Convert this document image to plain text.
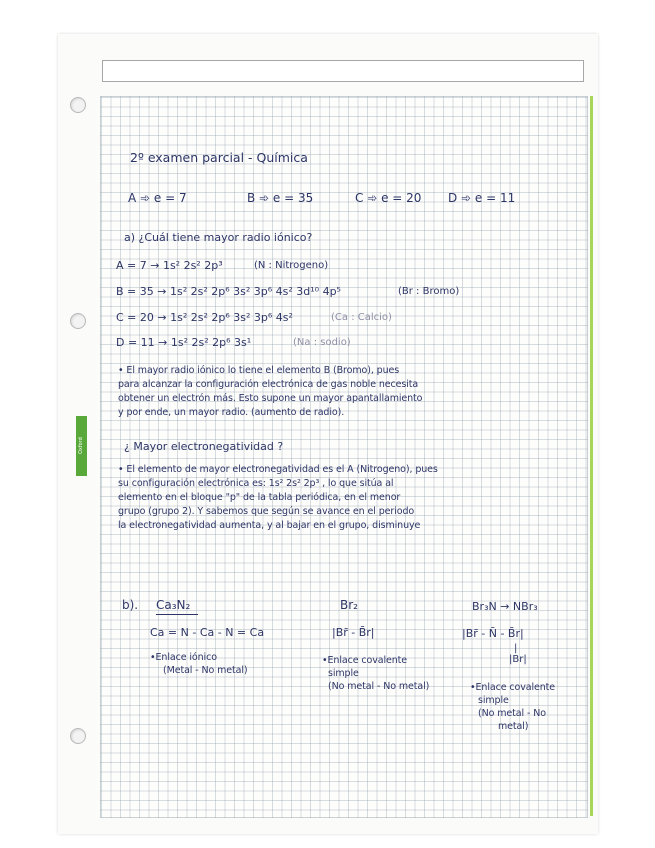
Oxford
2º examen parcial - Química
A ➾ e = 7	B ➾ e = 35	C ➾ e = 20 D ➾ e = 11
a) ¿Cuál tiene mayor radio iónico?
A = 7 → 1s² 2s² 2p³	(N : Nitrogeno)
B = 35 → 1s² 2s² 2p⁶ 3s² 3p⁶ 4s² 3d¹⁰ 4p⁵	(Br : Bromo)
C = 20 → 1s² 2s² 2p⁶ 3s² 3p⁶ 4s²	(Ca : Calcio)
D = 11 → 1s² 2s² 2p⁶ 3s¹	(Na : sodio)
• El mayor radio iónico lo tiene el elemento B (Bromo), pues
para alcanzar la configuración electrónica de gas noble necesita
obtener un electrón más. Esto supone un mayor apantallamiento
y por ende, un mayor radio. (aumento de radio).
¿ Mayor electronegatividad ?
• El elemento de mayor electronegatividad es el A (Nitrogeno), pues
su configuración electrónica es: 1s² 2s² 2p³ , lo que sitúa al
elemento en el bloque "p" de la tabla periódica, en el menor
grupo (grupo 2). Y sabemos que según se avance en el periodo
la electronegatividad aumenta, y al bajar en el grupo, disminuye
b). Ca₃N₂
Ca = N - Ca - N = Ca
•Enlace iónico
(Metal - No metal)
Br₂
|Br̄ - B̄r|
•Enlace covalente
simple
(No metal - No metal)
Br₃N → NBr₃
|Br̄ - N̄ - B̄r|
|
|Br|
•Enlace covalente
simple
(No metal - No
metal)
